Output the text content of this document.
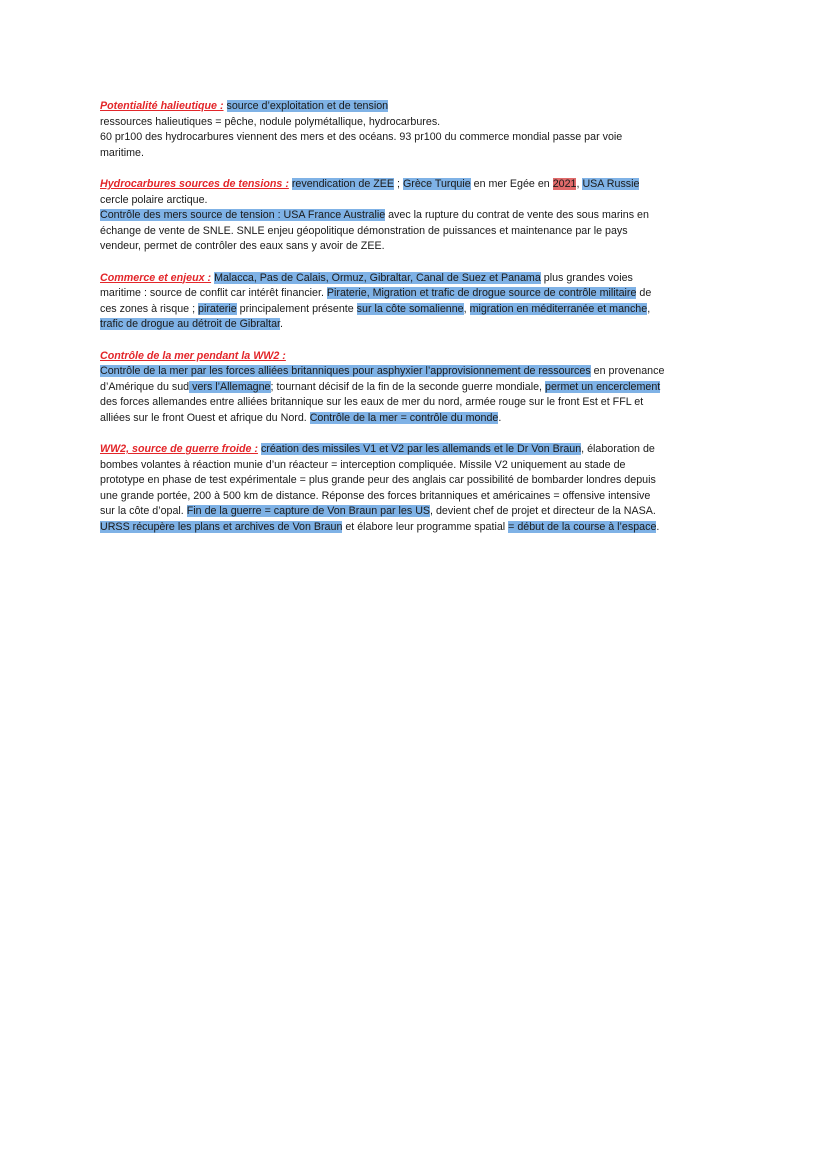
Potentialité halieutique : source d’exploitation et de tension
ressources halieutiques = pêche, nodule polymétallique, hydrocarbures.
60 pr100 des hydrocarbures viennent des mers et des océans. 93 pr100 du commerce mondial passe par voie
maritime.
Hydrocarbures sources de tensions : revendication de ZEE ; Grèce Turquie en mer Egée en 2021, USA Russie
cercle polaire arctique.
Contrôle des mers source de tension : USA France Australie avec la rupture du contrat de vente des sous marins en
échange de vente de SNLE. SNLE enjeu géopolitique démonstration de puissances et maintenance par le pays
vendeur, permet de contrôler des eaux sans y avoir de ZEE.
Commerce et enjeux : Malacca, Pas de Calais, Ormuz, Gibraltar, Canal de Suez et Panama plus grandes voies
maritime : source de conflit car intérêt financier. Piraterie, Migration et trafic de drogue source de contrôle militaire de
ces zones à risque ; piraterie principalement présente sur la côte somalienne, migration en méditerranée et manche,
trafic de drogue au détroit de Gibraltar.
Contrôle de la mer pendant la WW2 :
Contrôle de la mer par les forces alliées britanniques pour asphyxier l’approvisionnement de ressources en provenance
d’Amérique du sud vers l’Allemagne; tournant décisif de la fin de la seconde guerre mondiale, permet un encerclement
des forces allemandes entre alliées britannique sur les eaux de mer du nord, armée rouge sur le front Est et FFL et
alliées sur le front Ouest et afrique du Nord. Contrôle de la mer = contrôle du monde.
WW2, source de guerre froide : création des missiles V1 et V2 par les allemands et le Dr Von Braun, élaboration de
bombes volantes à réaction munie d’un réacteur = interception compliquée. Missile V2 uniquement au stade de
prototype en phase de test expérimentale = plus grande peur des anglais car possibilité de bombarder londres depuis
une grande portée, 200 à 500 km de distance. Réponse des forces britanniques et américaines = offensive intensive
sur la côte d’opal. Fin de la guerre = capture de Von Braun par les US, devient chef de projet et directeur de la NASA.
URSS récupère les plans et archives de Von Braun et élabore leur programme spatial = début de la course à l’espace.
